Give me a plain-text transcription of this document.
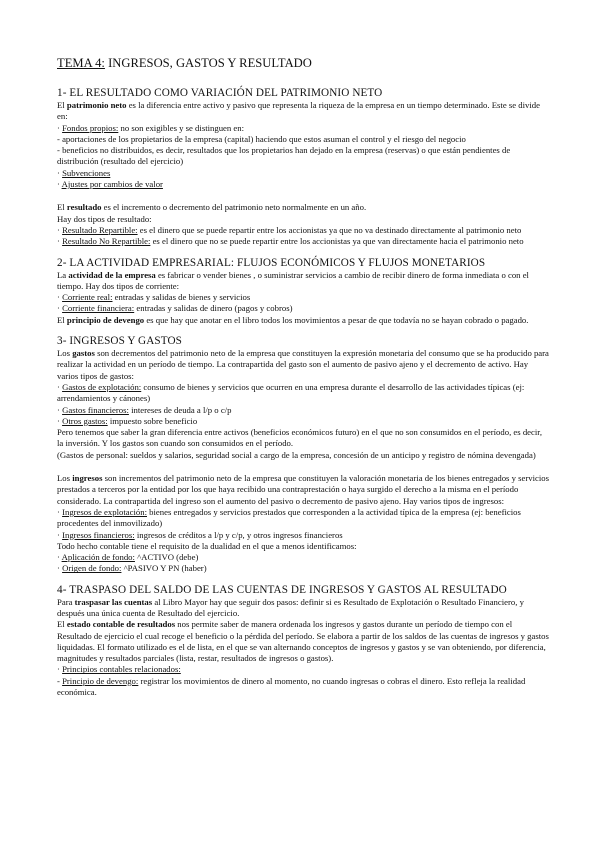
TEMA 4: INGRESOS, GASTOS Y RESULTADO
1- EL RESULTADO COMO VARIACIÓN DEL PATRIMONIO NETO

El patrimonio neto es la diferencia entre activo y pasivo que representa la riqueza de la empresa en un tiempo determinado. Este se divide en:

· Fondos propios: no son exigibles y se distinguen en:

- aportaciones de los propietarios de la empresa (capital) haciendo que estos asuman el control y el riesgo del negocio

- beneficios no distribuidos, es decir, resultados que los propietarios han dejado en la empresa (reservas) o que están pendientes de distribución (resultado del ejercicio)

· Subvenciones

· Ajustes por cambios de valor

El resultado es el incremento o decremento del patrimonio neto normalmente en un año.

Hay dos tipos de resultado:

· Resultado Repartible: es el dinero que se puede repartir entre los accionistas ya que no va destinado directamente al patrimonio neto

· Resultado No Repartible: es el dinero que no se puede repartir entre los accionistas ya que van directamente hacia el patrimonio neto

2- LA ACTIVIDAD EMPRESARIAL: FLUJOS ECONÓMICOS Y FLUJOS MONETARIOS

La actividad de la empresa es fabricar o vender bienes , o suministrar servicios a cambio de recibir dinero de forma inmediata o con el tiempo. Hay dos tipos de corriente:

· Corriente real: entradas y salidas de bienes y servicios

· Corriente financiera: entradas y salidas de dinero (pagos y cobros)

El principio de devengo es que hay que anotar en el libro todos los movimientos a pesar de que todavía no se hayan cobrado o pagado.

3- INGRESOS Y GASTOS

Los gastos son decrementos del patrimonio neto de la empresa que constituyen la expresión monetaria del consumo que se ha producido para realizar la actividad en un período de tiempo. La contrapartida del gasto son el aumento de pasivo ajeno y el decremento de activo. Hay varios tipos de gastos:

· Gastos de explotación: consumo de bienes y servicios que ocurren en una empresa durante el desarrollo de las actividades típicas (ej: arrendamientos y cánones)

· Gastos financieros: intereses de deuda a l/p o c/p

· Otros gastos: impuesto sobre beneficio

Pero tenemos que saber la gran diferencia entre activos (beneficios económicos futuro) en el que no son consumidos en el período, es decir, la inversión. Y los gastos son cuando son consumidos en el período.

(Gastos de personal: sueldos y salarios, seguridad social a cargo de la empresa, concesión de un anticipo y registro de nómina devengada)

Los ingresos son incrementos del patrimonio neto de la empresa que constituyen la valoración monetaria de los bienes entregados y servicios prestados a terceros por la entidad por los que haya recibido una contraprestación o haya surgido el derecho a la misma en el período considerado. La contrapartida del ingreso son el aumento del pasivo o decremento de pasivo ajeno. Hay varios tipos de ingresos:

· Ingresos de explotación: bienes entregados y servicios prestados que corresponden a la actividad típica de la empresa (ej: beneficios procedentes del inmovilizado)

· Ingresos financieros: ingresos de créditos a l/p y c/p, y otros ingresos financieros

Todo hecho contable tiene el requisito de la dualidad en el que a menos identificamos:

· Aplicación de fondo: ^ACTIVO (debe)

· Origen de fondo: ^PASIVO Y PN (haber)

4- TRASPASO DEL SALDO DE LAS CUENTAS DE INGRESOS Y GASTOS AL RESULTADO

Para traspasar las cuentas al Libro Mayor hay que seguir dos pasos: definir si es Resultado de Explotación o Resultado Financiero, y después una única cuenta de Resultado del ejercicio.

El estado contable de resultados nos permite saber de manera ordenada los ingresos y gastos durante un período de tiempo con el Resultado de ejercicio el cual recoge el beneficio o la pérdida del período. Se elabora a partir de los saldos de las cuentas de ingresos y gastos liquidadas. El formato utilizado es el de lista, en el que se van alternando conceptos de ingresos y gastos y se van obteniendo, por diferencia, magnitudes y resultados parciales (lista, restar, resultados de ingresos o gastos).

· Principios contables relacionados:

- Principio de devengo: registrar los movimientos de dinero al momento, no cuando ingresas o cobras el dinero. Esto refleja la realidad económica.
